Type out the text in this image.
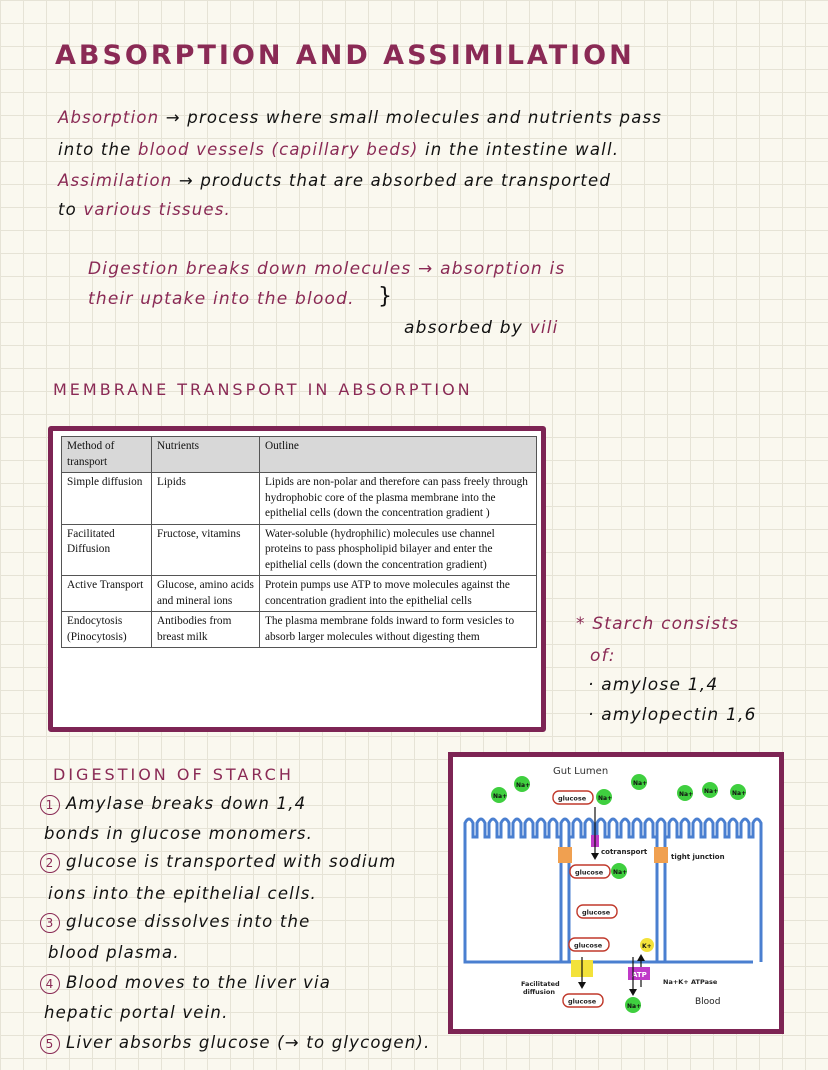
ABSORPTION AND ASSIMILATION
Absorption → process where small molecules and nutrients pass
into the blood vessels (capillary beds) in the intestine wall.
Assimilation → products that are absorbed are transported
to various tissues.
Digestion breaks down molecules → absorption is
their uptake into the blood. }
absorbed by vili
MEMBRANE TRANSPORT IN ABSORPTION
Method of transport	Nutrients	Outline
Simple diffusion	Lipids	Lipids are non-polar and therefore can pass freely through hydrophobic core of the plasma membrane into the epithelial cells (down the concentration gradient )
Facilitated Diffusion	Fructose, vitamins	Water-soluble (hydrophilic) molecules use channel proteins to pass phospholipid bilayer and enter the epithelial cells (down the concentration gradient)
Active Transport	Glucose, amino acids and mineral ions	Protein pumps use ATP to move molecules against the concentration gradient into the epithelial cells
Endocytosis (Pinocytosis)	Antibodies from breast milk	The plasma membrane folds inward to form vesicles to absorb larger molecules without digesting them
* Starch consists
of:
· amylose 1,4
· amylopectin 1,6
DIGESTION OF STARCH
1 Amylase breaks down 1,4
bonds in glucose monomers.
2 glucose is transported with sodium
ions into the epithelial cells.
3 glucose dissolves into the
blood plasma.
4 Blood moves to the liver via
hepatic portal vein.
5 Liver absorbs glucose (→ to glycogen).
Gut Lumen
Na+
Na+	Na+
Na+ Na+ Na+
Na+
glucose
tight junction
cotransport
glucose Na+
glucose
glucose
Facilitated
diffusion
glucose
K+
ATP
Na+
Na+K+ ATPase
Blood
